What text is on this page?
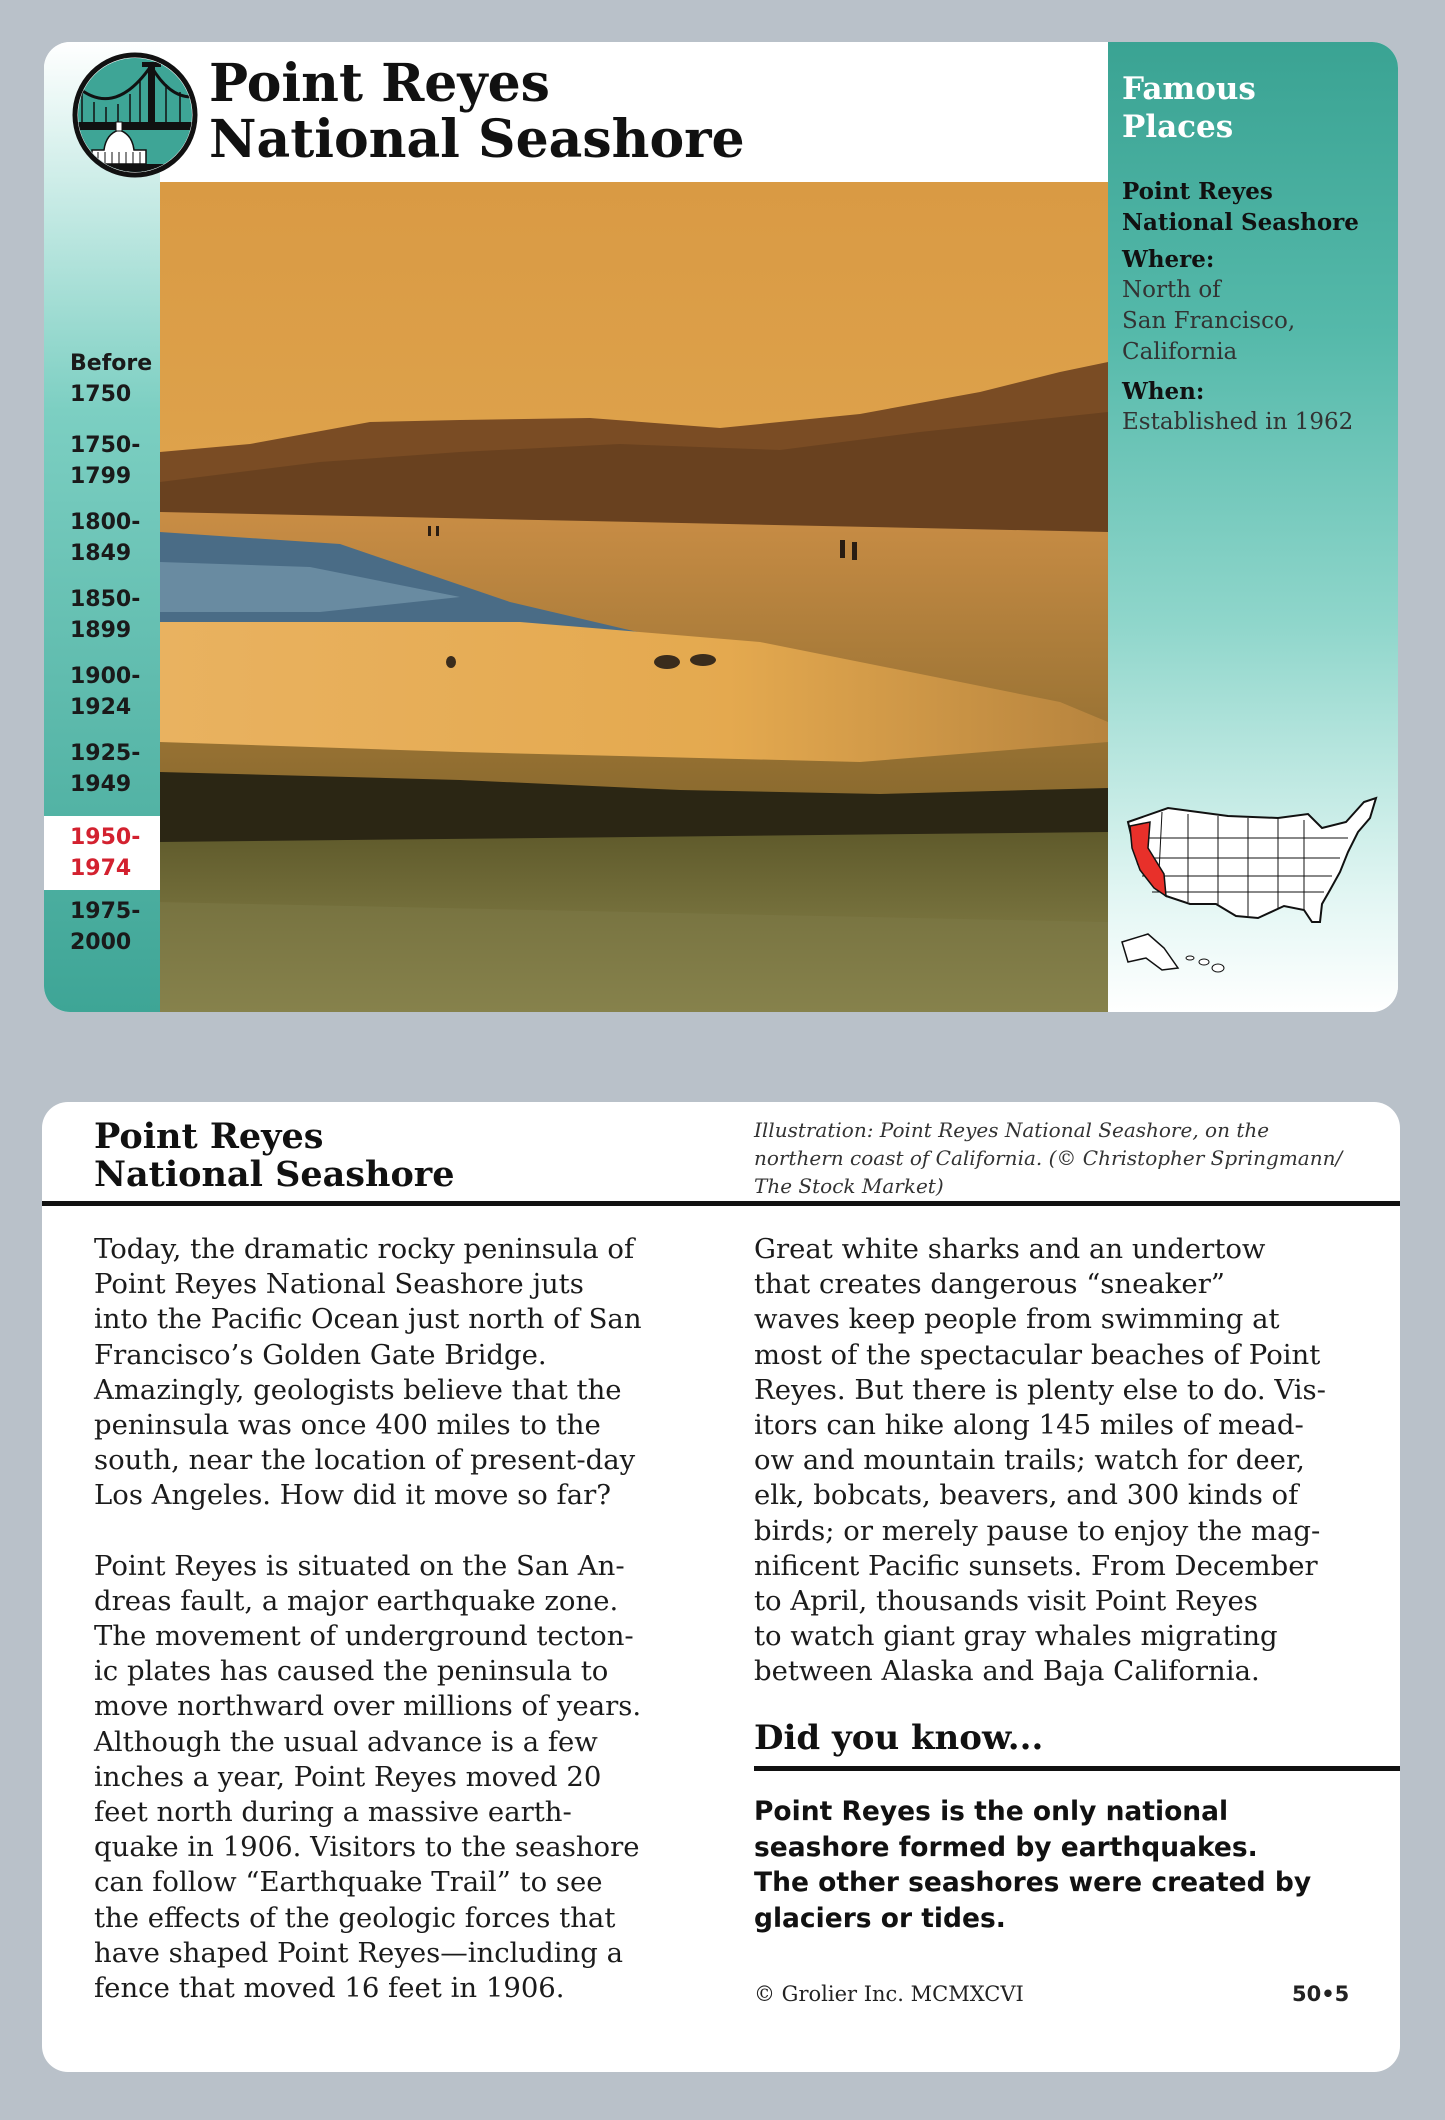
Point Reyes
National Seashore
Famous
Places

Point Reyes
National Seashore

Where:
North of
San Francisco,
California
When:
Established in 1962
Before
1750
1750-
1799
1800-
1849
1850-
1899
1900-
1924
1925-
1949
1950-
1974
1975-
2000
Point Reyes
National Seashore
Illustration: Point Reyes National Seashore, on the
northern coast of California. (© Christopher Springmann/
The Stock Market)

Today, the dramatic rocky peninsula of
Point Reyes National Seashore juts
into the Pacific Ocean just north of San
Francisco’s Golden Gate Bridge.
Amazingly, geologists believe that the
peninsula was once 400 miles to the
south, near the location of present-day
Los Angeles. How did it move so far?

Point Reyes is situated on the San An-
dreas fault, a major earthquake zone.
The movement of underground tecton-
ic plates has caused the peninsula to
move northward over millions of years.
Although the usual advance is a few
inches a year, Point Reyes moved 20
feet north during a massive earth-
quake in 1906. Visitors to the seashore
can follow “Earthquake Trail” to see
the effects of the geologic forces that
have shaped Point Reyes—including a
fence that moved 16 feet in 1906.

Great white sharks and an undertow
that creates dangerous “sneaker”
waves keep people from swimming at
most of the spectacular beaches of Point
Reyes. But there is plenty else to do. Vis-
itors can hike along 145 miles of mead-
ow and mountain trails; watch for deer,
elk, bobcats, beavers, and 300 kinds of
birds; or merely pause to enjoy the mag-
nificent Pacific sunsets. From December
to April, thousands visit Point Reyes
to watch giant gray whales migrating
between Alaska and Baja California.

Did you know...
Point Reyes is the only national
seashore formed by earthquakes.
The other seashores were created by
glaciers or tides.
© Grolier Inc. MCMXCVI	50•5
